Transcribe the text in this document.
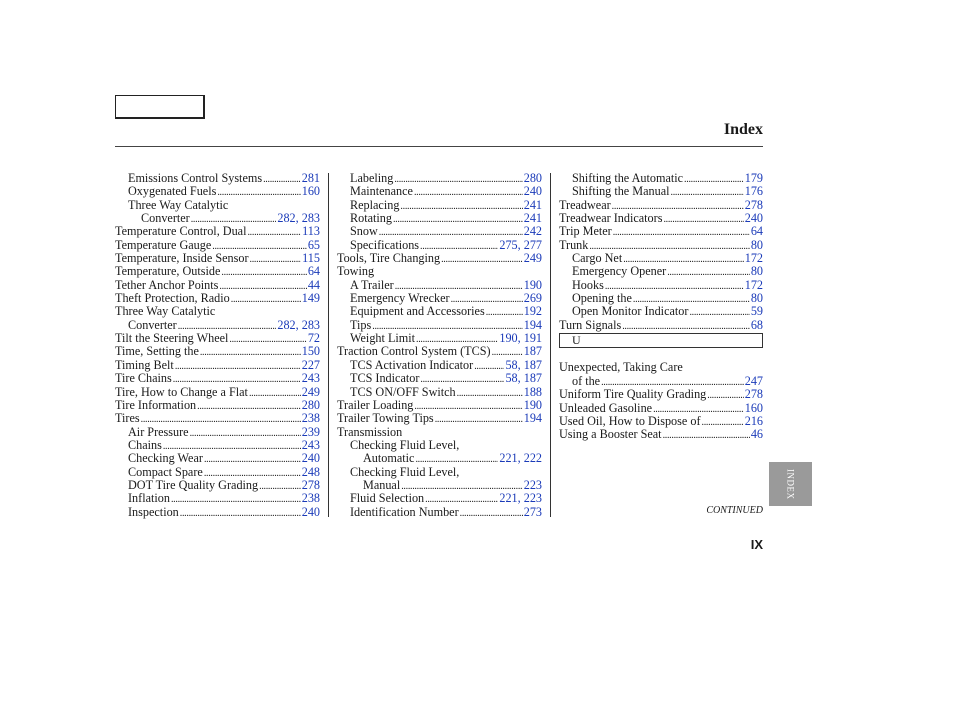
Index
Emissions Control Systems . . .	281
Oxygenated Fuels . . .	160
Three Way Catalytic
Converter . . .	282, 283
Temperature Control, Dual . . .	113
Temperature Gauge . . .	65
Temperature, Inside Sensor . . .	115
Temperature, Outside . . .	64
Tether Anchor Points . . .	44
Theft Protection, Radio . . .	149
Three Way Catalytic
Converter . . .	282, 283
Tilt the Steering Wheel . . .	72
Time, Setting the . . .	150
Timing Belt . . .	227
Tire Chains . . .	243
Tire, How to Change a Flat . . .	249
Tire Information . . .	280
Tires . . .	238
Air Pressure . . .	239
Chains . . .	243
Checking Wear . . .	240
Compact Spare . . .	248
DOT Tire Quality Grading . . .	278
Inflation . . .	238
Inspection . . .	240
Labeling . . .	280
Maintenance . . .	240
Replacing . . .	241
Rotating . . .	241
Snow . . .	242
Specifications . . .	275, 277
Tools, Tire Changing . . .	249
Towing
A Trailer . . .	190
Emergency Wrecker . . .	269
Equipment and Accessories . . .	192
Tips . . .	194
Weight Limit . . .	190, 191
Traction Control System (TCS) . . .	187
TCS Activation Indicator . . .	58, 187
TCS Indicator . . .	58, 187
TCS ON/OFF Switch . . .	188
Trailer Loading . . .	190
Trailer Towing Tips . . .	194
Transmission
Checking Fluid Level,
Automatic . . .	221, 222
Checking Fluid Level,
Manual . . .	223
Fluid Selection . . .	221, 223
Identification Number . . .	273
Shifting the Automatic . . .	179
Shifting the Manual . . .	176
Treadwear . . .	278
Treadwear Indicators . . .	240
Trip Meter . . .	64
Trunk . . .	80
Cargo Net . . .	172
Emergency Opener . . .	80
Hooks . . .	172
Opening the . . .	80
Open Monitor Indicator . . .	59
Turn Signals . . .	68
U
Unexpected, Taking Care
of the . . .	247
Uniform Tire Quality Grading . . .	278
Unleaded Gasoline . . .	160
Used Oil, How to Dispose of . . .	216
Using a Booster Seat . . .	46
CONTINUED
IX
INDEX
